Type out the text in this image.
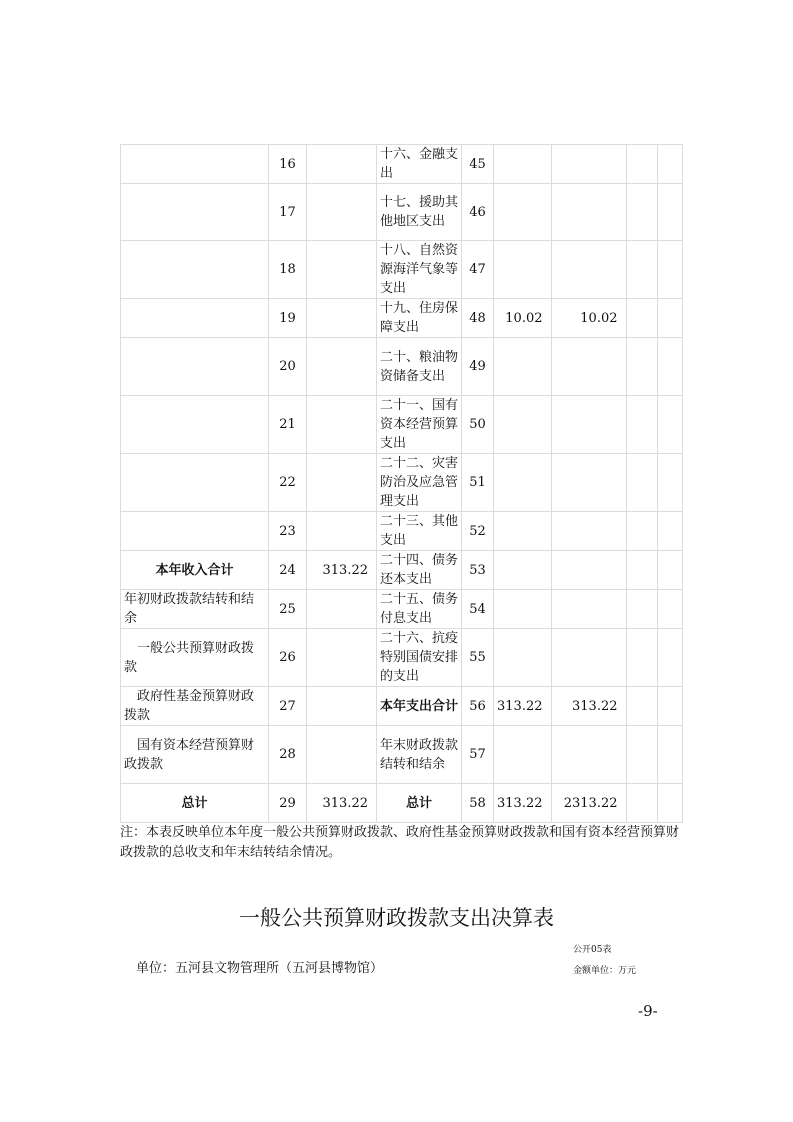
	16		十六、金融支出	45				
	17		十七、援助其他地区支出	46				
	18		十八、自然资源海洋气象等支出	47				
	19		十九、住房保障支出	48	10.02	10.02		
	20		二十、粮油物资储备支出	49				
	21		二十一、国有资本经营预算支出	50				
	22		二十二、灾害防治及应急管理支出	51				
	23		二十三、其他支出	52				
本年收入合计	24	313.22	二十四、债务还本支出	53				
年初财政拨款结转和结余	25		二十五、债务付息支出	54				
一般公共预算财政拨款	26		二十六、抗疫特别国债安排的支出	55				
政府性基金预算财政拨款	27		本年支出合计	56	313.22	313.22		
国有资本经营预算财政拨款	28		年末财政拨款结转和结余	57				
总计	29	313.22	总计	58	313.22	2313.22		
注：本表反映单位本年度一般公共预算财政拨款、政府性基金预算财政拨款和国有资本经营预算财政拨款的总收支和年末结转结余情况。
一般公共预算财政拨款支出决算表
单位：五河县文物管理所（五河县博物馆）
公开05表
金额单位：万元
-9-
